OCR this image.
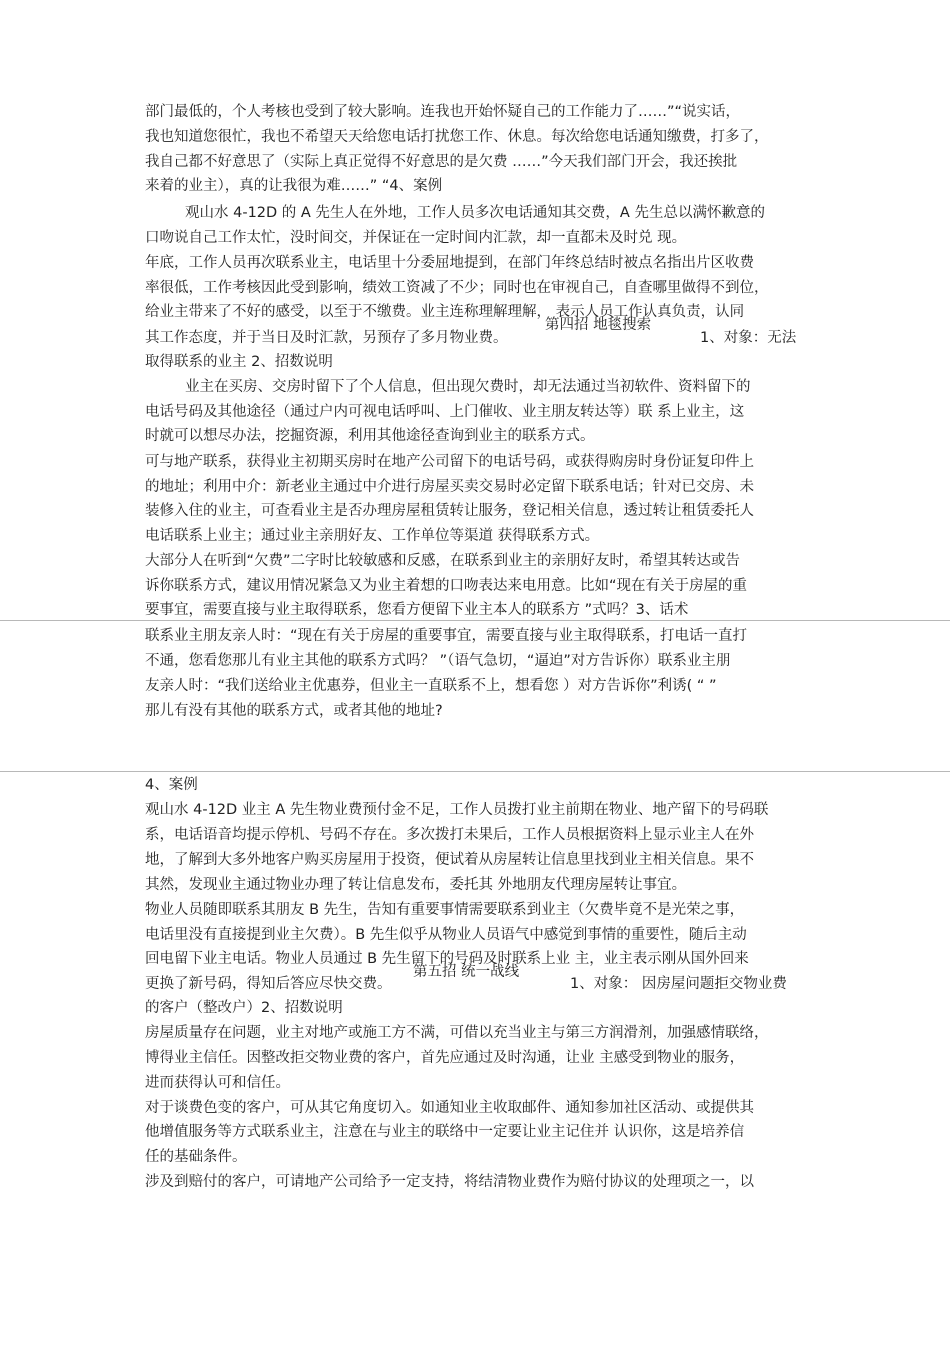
部门最低的，个人考核也受到了较大影响。连我也开始怀疑自己的工作能力了……”“说实话，
我也知道您很忙，我也不希望天天给您电话打扰您工作、休息。每次给您电话通知缴费，打多了，
我自己都不好意思了（实际上真正觉得不好意思的是欠费 ……”今天我们部门开会，我还挨批
来着的业主），真的让我很为难……” “4、案例
观山水 4-12D 的 A 先生人在外地，工作人员多次电话通知其交费，A 先生总以满怀歉意的
口吻说自己工作太忙，没时间交，并保证在一定时间内汇款，却一直都未及时兑 现。
年底，工作人员再次联系业主，电话里十分委屈地提到，在部门年终总结时被点名指出片区收费
率很低，工作考核因此受到影响，绩效工资减了不少；同时也在审视自己，自查哪里做得不到位，
给业主带来了不好的感受，以至于不缴费。业主连称理解理解， 表示人员工作认真负责，认同
其工作态度，并于当日及时汇款，另预存了多月物业费。
第四招 地毯搜索
1、对象：无法
取得联系的业主 2、招数说明
业主在买房、交房时留下了个人信息，但出现欠费时，却无法通过当初软件、资料留下的
电话号码及其他途径（通过户内可视电话呼叫、上门催收、业主朋友转达等）联 系上业主，这
时就可以想尽办法，挖掘资源，利用其他途径查询到业主的联系方式。
可与地产联系，获得业主初期买房时在地产公司留下的电话号码，或获得购房时身份证复印件上
的地址；利用中介：新老业主通过中介进行房屋买卖交易时必定留下联系电话；针对已交房、未
装修入住的业主，可查看业主是否办理房屋租赁转让服务，登记相关信息，透过转让租赁委托人
电话联系上业主；通过业主亲朋好友、工作单位等渠道 获得联系方式。
大部分人在听到“欠费”二字时比较敏感和反感，在联系到业主的亲朋好友时，希望其转达或告
诉你联系方式，建议用情况紧急又为业主着想的口吻表达来电用意。比如“现在有关于房屋的重
要事宜，需要直接与业主取得联系，您看方便留下业主本人的联系方 ”式吗？3、话术
联系业主朋友亲人时：“现在有关于房屋的重要事宜，需要直接与业主取得联系，打电话一直打
不通，您看您那儿有业主其他的联系方式吗？ ”（语气急切，“逼迫”对方告诉你）联系业主朋
友亲人时：“我们送给业主优惠券，但业主一直联系不上，想看您 ）对方告诉你”利诱( “ ”
那儿有没有其他的联系方式，或者其他的地址?
4、案例
观山水 4-12D 业主 A 先生物业费预付金不足，工作人员拨打业主前期在物业、地产留下的号码联
系，电话语音均提示停机、号码不存在。多次拨打未果后，工作人员根据资料上显示业主人在外
地，了解到大多外地客户购买房屋用于投资，便试着从房屋转让信息里找到业主相关信息。果不
其然，发现业主通过物业办理了转让信息发布，委托其 外地朋友代理房屋转让事宜。
物业人员随即联系其朋友 B 先生，告知有重要事情需要联系到业主（欠费毕竟不是光荣之事，
电话里没有直接提到业主欠费）。B 先生似乎从物业人员语气中感觉到事情的重要性，随后主动
回电留下业主电话。物业人员通过 B 先生留下的号码及时联系上业 主，业主表示刚从国外回来
更换了新号码，得知后答应尽快交费。
第五招 统一战线
1、对象： 因房屋问题拒交物业费
的客户（整改户）2、招数说明
房屋质量存在问题，业主对地产或施工方不满，可借以充当业主与第三方润滑剂，加强感情联络，
博得业主信任。因整改拒交物业费的客户，首先应通过及时沟通，让业 主感受到物业的服务，
进而获得认可和信任。
对于谈费色变的客户，可从其它角度切入。如通知业主收取邮件、通知参加社区活动、或提供其
他增值服务等方式联系业主，注意在与业主的联络中一定要让业主记住并 认识你，这是培养信
任的基础条件。
涉及到赔付的客户，可请地产公司给予一定支持，将结清物业费作为赔付协议的处理项之一，以
